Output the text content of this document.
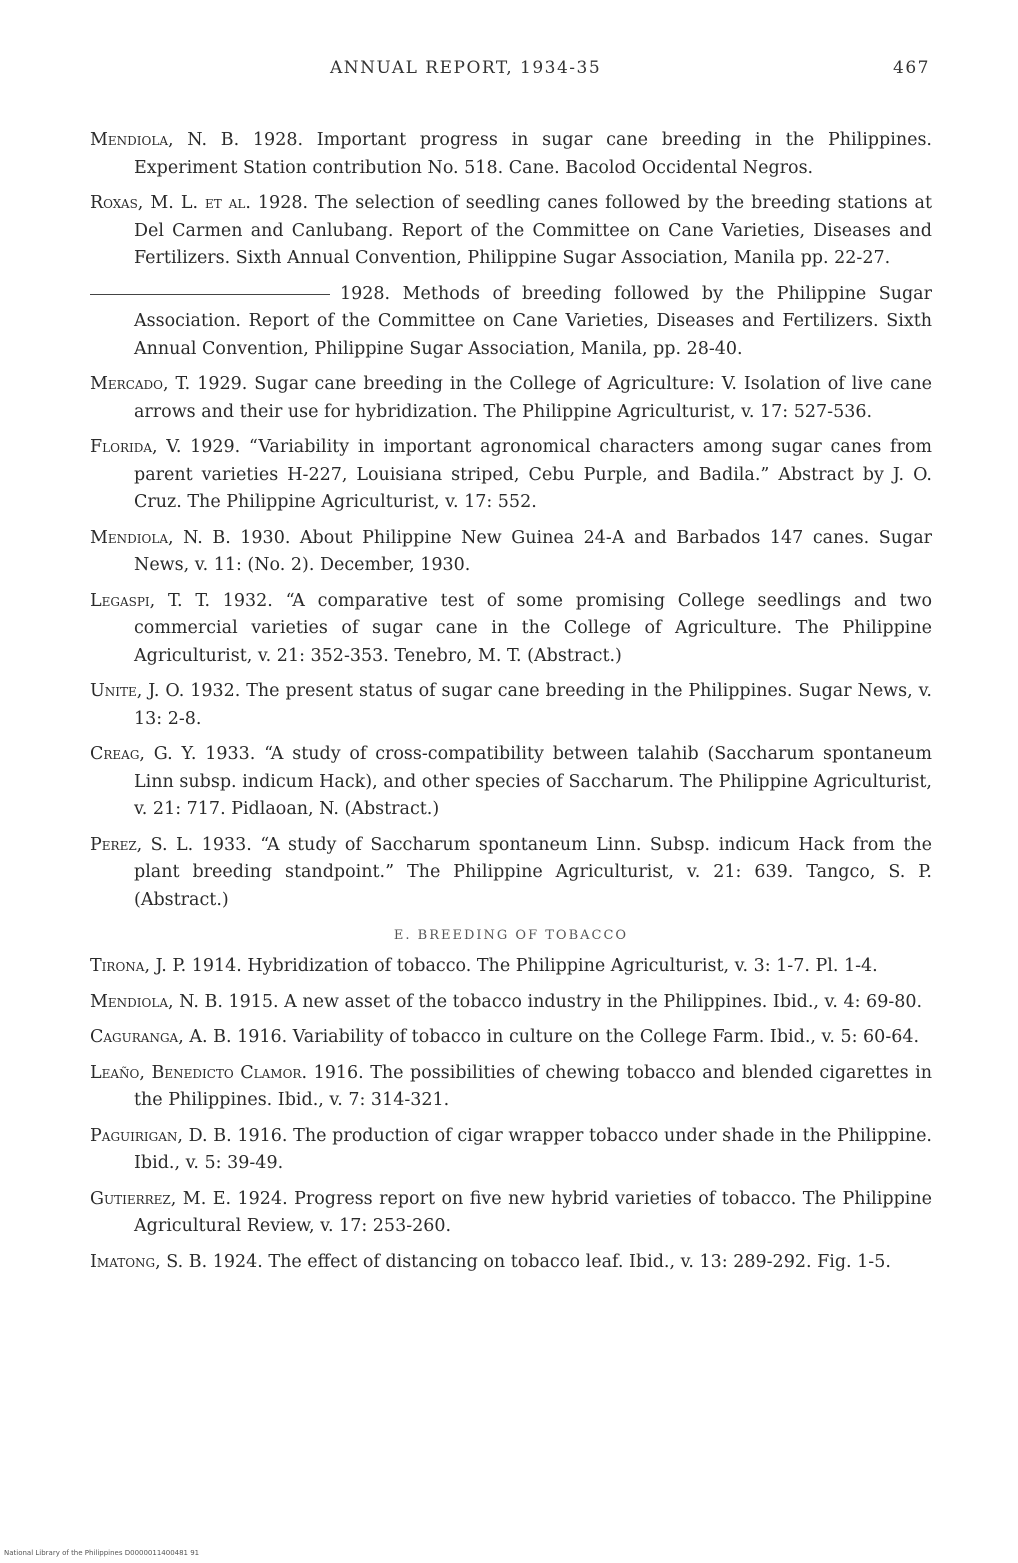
ANNUAL REPORT, 1934-35	467

Mendiola, N. B. 1928. Important progress in sugar cane breeding in the Philippines. Experiment Station contribution No. 518. Cane. Bacolod Occidental Negros.

Roxas, M. L. et al. 1928. The selection of seedling canes followed by the breeding stations at Del Carmen and Canlubang. Report of the Committee on Cane Varieties, Diseases and Fertilizers. Sixth Annual Convention, Philippine Sugar Association, Manila pp. 22-27.

1928. Methods of breeding followed by the Philippine Sugar Association. Report of the Committee on Cane Varieties, Diseases and Fertilizers. Sixth Annual Convention, Philippine Sugar Association, Manila, pp. 28-40.

Mercado, T. 1929. Sugar cane breeding in the College of Agriculture: V. Isolation of live cane arrows and their use for hybridization. The Philippine Agriculturist, v. 17: 527-536.

Florida, V. 1929. “Variability in important agronomical characters among sugar canes from parent varieties H-227, Louisiana striped, Cebu Purple, and Badila.” Abstract by J. O. Cruz. The Philippine Agriculturist, v. 17: 552.

Mendiola, N. B. 1930. About Philippine New Guinea 24-A and Barbados 147 canes. Sugar News, v. 11: (No. 2). December, 1930.

Legaspi, T. T. 1932. “A comparative test of some promising College seedlings and two commercial varieties of sugar cane in the College of Agriculture. The Philippine Agriculturist, v. 21: 352-353. Tenebro, M. T. (Abstract.)

Unite, J. O. 1932. The present status of sugar cane breeding in the Philippines. Sugar News, v. 13: 2-8.

Creag, G. Y. 1933. “A study of cross-compatibility between talahib (Saccharum spontaneum Linn subsp. indicum Hack), and other species of Saccharum. The Philippine Agriculturist, v. 21: 717. Pidlaoan, N. (Abstract.)

Perez, S. L. 1933. “A study of Saccharum spontaneum Linn. Subsp. indicum Hack from the plant breeding standpoint.” The Philippine Agriculturist, v. 21: 639. Tangco, S. P. (Abstract.)

E. BREEDING OF TOBACCO

Tirona, J. P. 1914. Hybridization of tobacco. The Philippine Agriculturist, v. 3: 1-7. Pl. 1-4.

Mendiola, N. B. 1915. A new asset of the tobacco industry in the Philippines. Ibid., v. 4: 69-80.

Caguranga, A. B. 1916. Variability of tobacco in culture on the College Farm. Ibid., v. 5: 60-64.

Leaño, Benedicto Clamor. 1916. The possibilities of chewing tobacco and blended cigarettes in the Philippines. Ibid., v. 7: 314-321.

Paguirigan, D. B. 1916. The production of cigar wrapper tobacco under shade in the Philippine. Ibid., v. 5: 39-49.

Gutierrez, M. E. 1924. Progress report on five new hybrid varieties of tobacco. The Philippine Agricultural Review, v. 17: 253-260.

Imatong, S. B. 1924. The effect of distancing on tobacco leaf. Ibid., v. 13: 289-292. Fig. 1-5.

National Library of the Philippines D0000011400481 91
